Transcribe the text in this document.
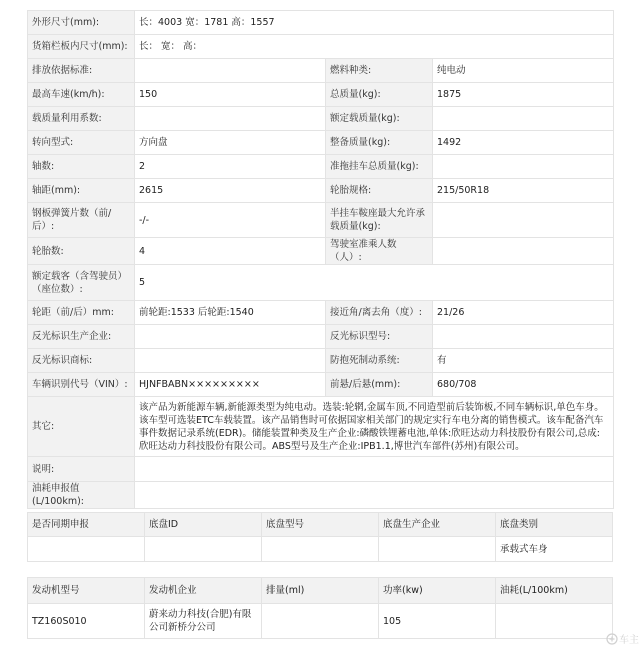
外形尺寸(mm):	长：4003 宽：1781 高：1557		
货箱栏板内尺寸(mm):	长： 宽： 高：		
排放依据标准:		燃料种类:	纯电动
最高车速(km/h):	150	总质量(kg):	1875
载质量利用系数:		额定载质量(kg):	
转向型式:	方向盘	整备质量(kg):	1492
轴数:	2	准拖挂车总质量(kg):	
轴距(mm):	2615	轮胎规格:	215/50R18
钢板弹簧片数（前/后）:	-/-	半挂车鞍座最大允许承载质量(kg):	
轮胎数:	4	驾驶室准乘人数（人）:	
额定载客（含驾驶员）（座位数）:	5		
轮距（前/后）mm:	前轮距:1533 后轮距:1540	接近角/离去角（度）:	21/26
反光标识生产企业:		反光标识型号:	
反光标识商标:		防抱死制动系统:	有
车辆识别代号（VIN）:	HJNFBABN×××××××××	前悬/后悬(mm):	680/708
其它:	该产品为新能源车辆,新能源类型为纯电动。选装:轮辋,金属车顶,不同造型前后装饰板,不同车辆标识,单色车身。该车型可选装ETC车载装置。该产品销售时可依据国家相关部门的规定实行车电分离的销售模式。该车配备汽车事件数据记录系统(EDR)。储能装置种类及生产企业:磷酸铁锂蓄电池,单体:欣旺达动力科技股份有限公司,总成:欣旺达动力科技股份有限公司。ABS型号及生产企业:IPB1.1,博世汽车部件(苏州)有限公司。		

说明:			
油耗申报值(L/100km):			
是否同期申报	底盘ID	底盘型号	底盘生产企业	底盘类别
				承载式车身
发动机型号	发动机企业	排量(ml)	功率(kw)	油耗(L/100km)
TZ160S010	蔚来动力科技(合肥)有限公司新桥分公司		105	
车主
